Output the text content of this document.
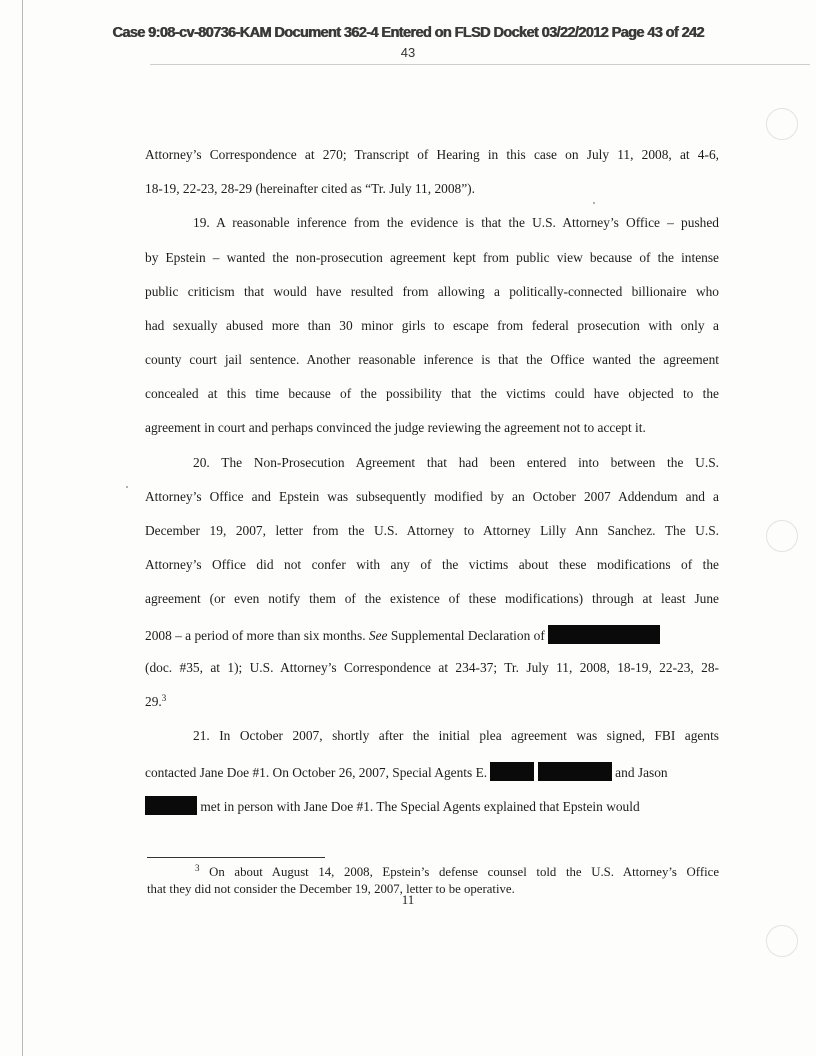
Case 9:08-cv-80736-KAM Document 362-4 Entered on FLSD Docket 03/22/2012 Page 43 of 242
43
Attorney’s Correspondence at 270; Transcript of Hearing in this case on July 11, 2008, at 4-6,
18-19, 22-23, 28-29 (hereinafter cited as “Tr. July 11, 2008”).
19. A reasonable inference from the evidence is that the U.S. Attorney’s Office – pushed
by Epstein – wanted the non-prosecution agreement kept from public view because of the intense
public criticism that would have resulted from allowing a politically-connected billionaire who
had sexually abused more than 30 minor girls to escape from federal prosecution with only a
county court jail sentence. Another reasonable inference is that the Office wanted the agreement
concealed at this time because of the possibility that the victims could have objected to the
agreement in court and perhaps convinced the judge reviewing the agreement not to accept it.
20. The Non-Prosecution Agreement that had been entered into between the U.S.
Attorney’s Office and Epstein was subsequently modified by an October 2007 Addendum and a
December 19, 2007, letter from the U.S. Attorney to Attorney Lilly Ann Sanchez. The U.S.
Attorney’s Office did not confer with any of the victims about these modifications of the
agreement (or even notify them of the existence of these modifications) through at least June
2008 – a period of more than six months. See Supplemental Declaration of
(doc. #35, at 1); U.S. Attorney’s Correspondence at 234-37; Tr. July 11, 2008, 18-19, 22-23, 28-
29.$^3$
21. In October 2007, shortly after the initial plea agreement was signed, FBI agents
contacted Jane Doe #1. On October 26, 2007, Special Agents E.	and Jason
met in person with Jane Doe #1. The Special Agents explained that Epstein would
$^3$ On about August 14, 2008, Epstein’s defense counsel told the U.S. Attorney’s Office
that they did not consider the December 19, 2007, letter to be operative.
11
